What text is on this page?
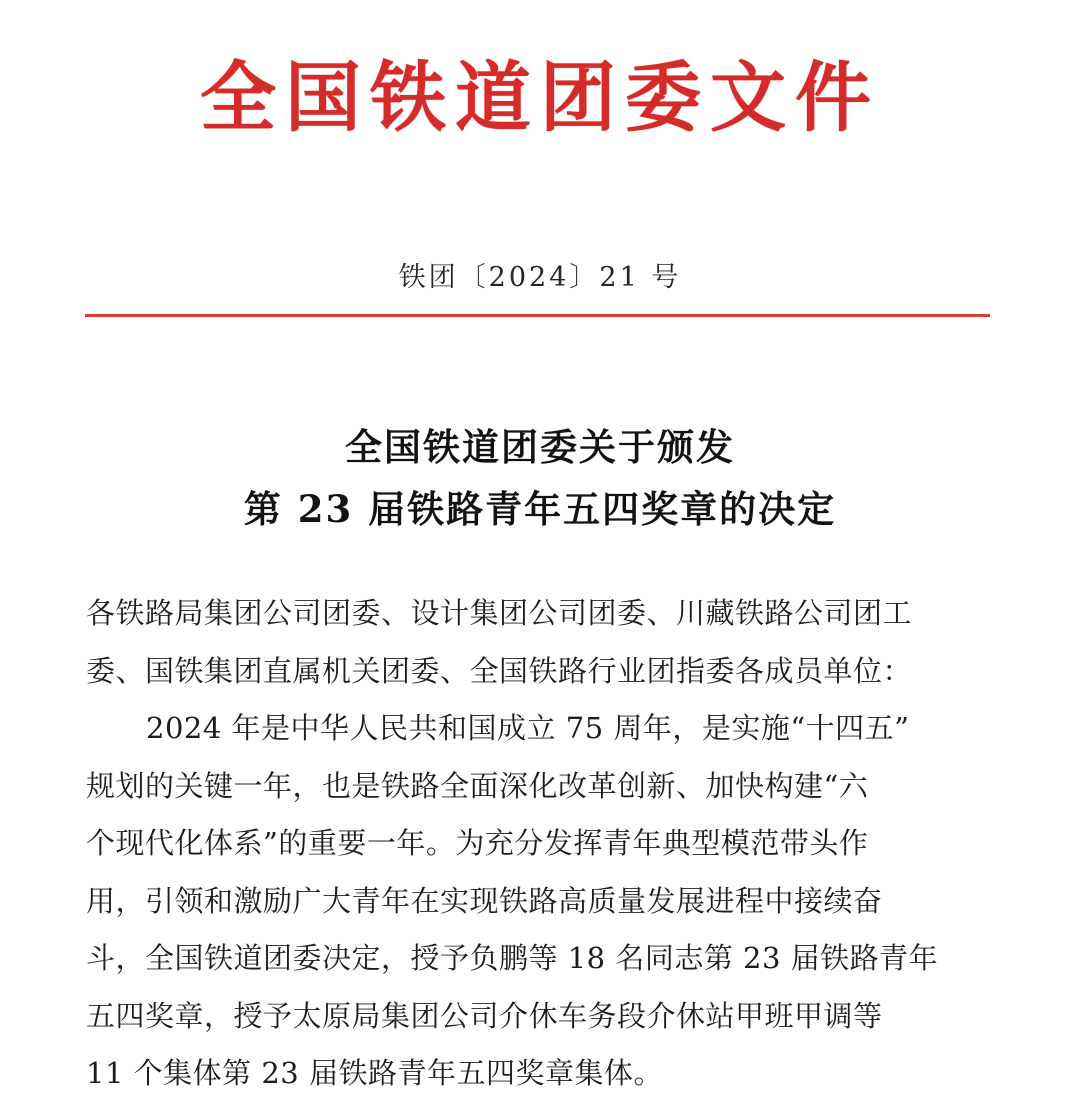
全国铁道团委文件
铁团〔2024〕21 号
全国铁道团委关于颁发
第 23 届铁路青年五四奖章的决定
各铁路局集团公司团委、设计集团公司团委、川藏铁路公司团工
委、国铁集团直属机关团委、全国铁路行业团指委各成员单位：
2024 年是中华人民共和国成立 75 周年，是实施“十四五”
规划的关键一年，也是铁路全面深化改革创新、加快构建“六
个现代化体系”的重要一年。为充分发挥青年典型模范带头作
用，引领和激励广大青年在实现铁路高质量发展进程中接续奋
斗，全国铁道团委决定，授予负鹏等 18 名同志第 23 届铁路青年
五四奖章，授予太原局集团公司介休车务段介休站甲班甲调等
11 个集体第 23 届铁路青年五四奖章集体。
